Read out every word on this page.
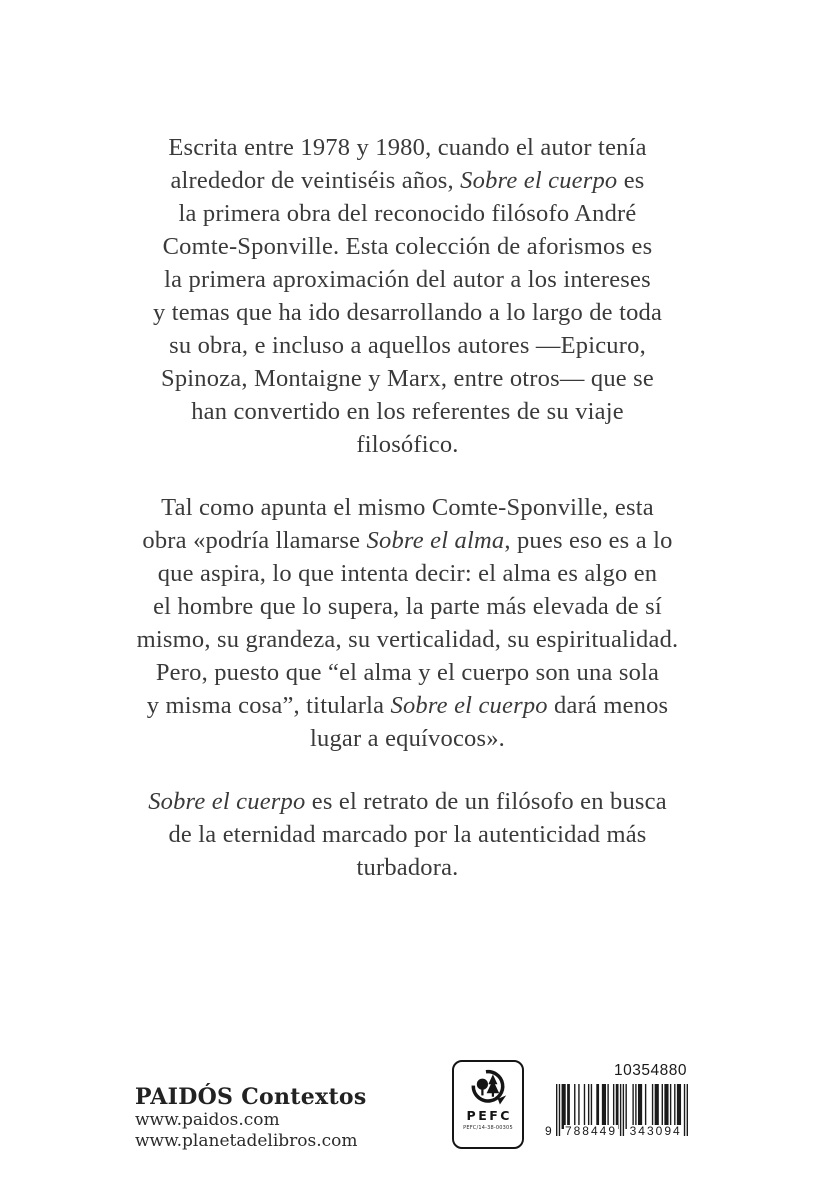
Escrita entre 1978 y 1980, cuando el autor tenía
alrededor de veintiséis años, Sobre el cuerpo es
la primera obra del reconocido filósofo André
Comte-Sponville. Esta colección de aforismos es
la primera aproximación del autor a los intereses
y temas que ha ido desarrollando a lo largo de toda
su obra, e incluso a aquellos autores —Epicuro,
Spinoza, Montaigne y Marx, entre otros— que se
han convertido en los referentes de su viaje
filosófico.
Tal como apunta el mismo Comte-Sponville, esta
obra «podría llamarse Sobre el alma, pues eso es a lo
que aspira, lo que intenta decir: el alma es algo en
el hombre que lo supera, la parte más elevada de sí
mismo, su grandeza, su verticalidad, su espiritualidad.
Pero, puesto que “el alma y el cuerpo son una sola
y misma cosa”, titularla Sobre el cuerpo dará menos
lugar a equívocos».
Sobre el cuerpo es el retrato de un filósofo en busca
de la eternidad marcado por la autenticidad más
turbadora.
PAIDÓS Contextos
www.paidos.com
www.planetadelibros.com
PEFC
PEFC/14-38-00305
10354880
9 788449 343094
